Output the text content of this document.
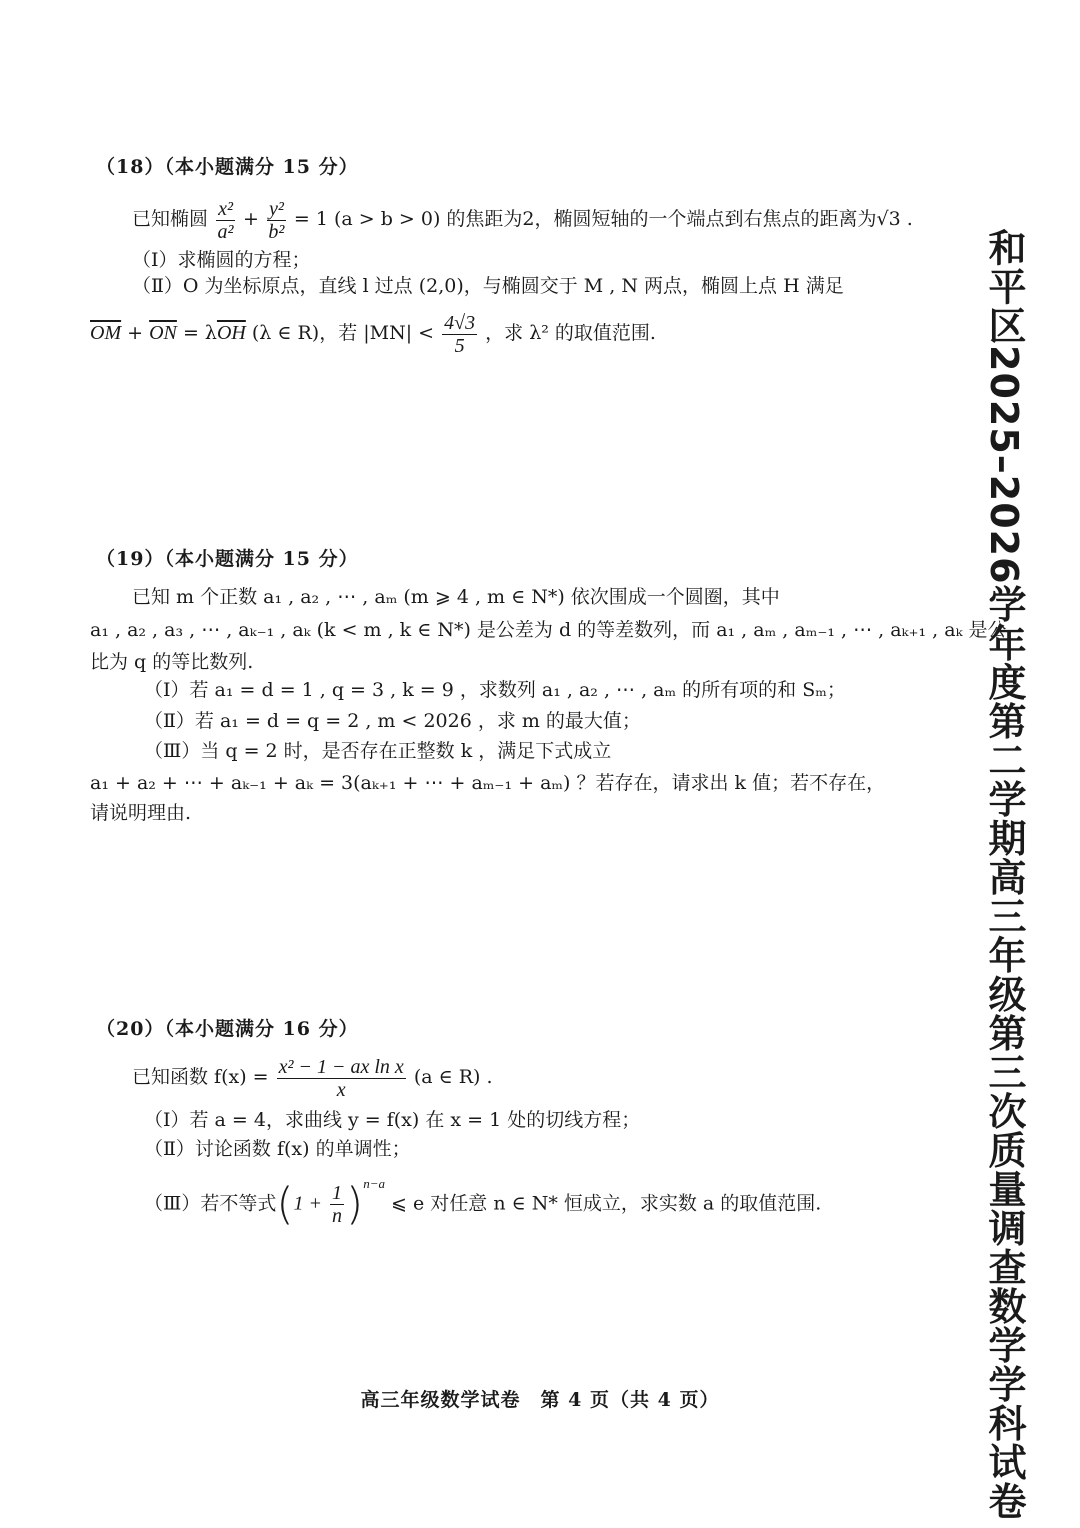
（18）（本小题满分 15 分）
已知椭圆 $\frac{\text{x²}}{\text{a²}} + \frac{\text{y²}}{\text{b²}} = 1$ (a > b > 0) 的焦距为2，椭圆短轴的一个端点到右焦点的距离为√3 .
（Ⅰ）求椭圆的方程；
（Ⅱ）O 为坐标原点，直线 l 过点 (2,0)，与椭圆交于 M , N 两点，椭圆上点 H 满足
$\overline{OM} + \overline{ON} = \lambda\overline{OH}$ (λ ∈ R)，若 $|MN| < \frac{4√3}{5}$ ，求 λ² 的取值范围.
（19）（本小题满分 15 分）
已知 m 个正数 a₁ , a₂ , ⋯ , aₘ (m ⩾ 4 , m ∈ N*) 依次围成一个圆圈，其中
a₁ , a₂ , a₃ , ⋯ , aₖ₋₁ , aₖ (k < m , k ∈ N*) 是公差为 d 的等差数列，而 a₁ , aₘ , aₘ₋₁ , ⋯ , aₖ₊₁ , aₖ 是公
比为 q 的等比数列.
（Ⅰ）若 a₁ = d = 1 , q = 3 , k = 9 ，求数列 a₁ , a₂ , ⋯ , aₘ 的所有项的和 Sₘ；
（Ⅱ）若 a₁ = d = q = 2 , m < 2026 ，求 m 的最大值；
（Ⅲ）当 q = 2 时，是否存在正整数 k ，满足下式成立
a₁ + a₂ + ⋯ + aₖ₋₁ + aₖ = 3(aₖ₊₁ + ⋯ + aₘ₋₁ + aₘ) ？若存在，请求出 k 值；若不存在，
请说明理由.
（20）（本小题满分 16 分）
已知函数 $f(x) = \frac{\text{x² − 1 − ax ln x}}{x} (a$ ∈ R) .
（Ⅰ）若 a = 4，求曲线 y = f(x) 在 x = 1 处的切线方程；
（Ⅱ）讨论函数 f(x) 的单调性；
（Ⅲ）若不等式$(1 + \frac{1}{n} )^{n-a}$ ⩽ e 对任意 n ∈ N* 恒成立，求实数 a 的取值范围.	和平区2025–2026学年度第二学期高三年级第三次质量调查数学学科试卷
高三年级数学试卷　第 4 页（共 4 页）
